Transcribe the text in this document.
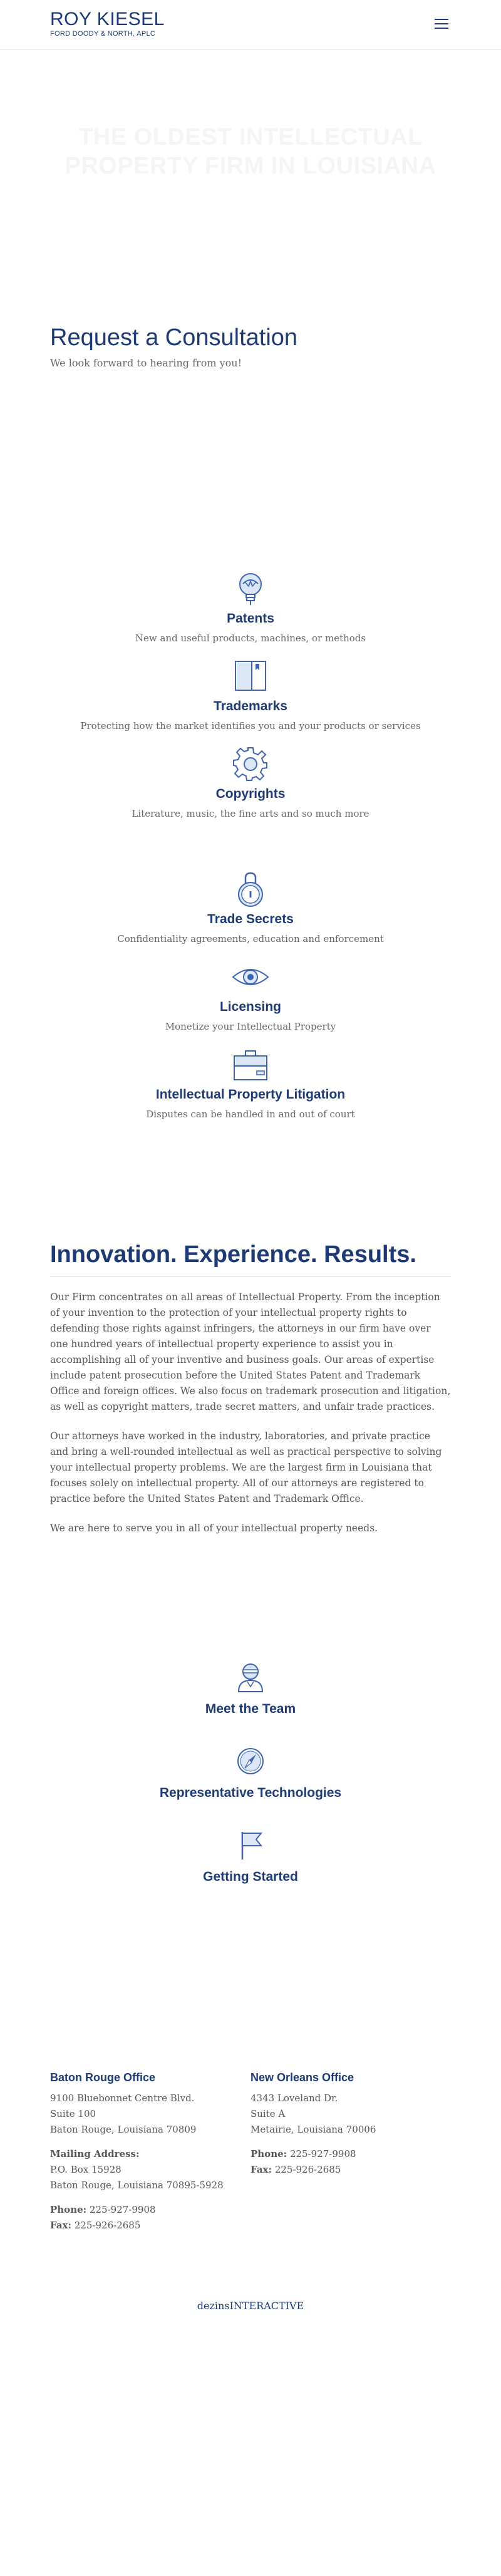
ROY KIESEL
FORD DOODY & NORTH, APLC
THE OLDEST INTELLECTUAL PROPERTY FIRM IN LOUISIANA
Request a Consultation

We look forward to hearing from you!

Patents

New and useful products, machines, or methods

Trademarks

Protecting how the market identifies you and your products or services

Copyrights

Literature, music, the fine arts and so much more

Trade Secrets

Confidentiality agreements, education and enforcement

Licensing

Monetize your Intellectual Property

Intellectual Property Litigation

Disputes can be handled in and out of court

Innovation. Experience. Results.

Our Firm concentrates on all areas of Intellectual Property. From the inception of your invention to the protection of your intellectual property rights to defending those rights against infringers, the attorneys in our firm have over one hundred years of intellectual property experience to assist you in accomplishing all of your inventive and business goals. Our areas of expertise include patent prosecution before the United States Patent and Trademark Office and foreign offices. We also focus on trademark prosecution and litigation, as well as copyright matters, trade secret matters, and unfair trade practices.

Our attorneys have worked in the industry, laboratories, and private practice and bring a well-rounded intellectual as well as practical perspective to solving your intellectual property problems. We are the largest firm in Louisiana that focuses solely on intellectual property. All of our attorneys are registered to practice before the United States Patent and Trademark Office.

We are here to serve you in all of your intellectual property needs.

Meet the Team
Representative Technologies
Getting Started
Baton Rouge Office
9100 Bluebonnet Centre Blvd.
Suite 100
Baton Rouge, Louisiana 70809
Mailing Address:
P.O. Box 15928
Baton Rouge, Louisiana 70895-5928
Phone: 225-927-9908
Fax: 225-926-2685
New Orleans Office
4343 Loveland Dr.
Suite A
Metairie, Louisiana 70006
Phone: 225-927-9908
Fax: 225-926-2685
dezinsINTERACTIVE
